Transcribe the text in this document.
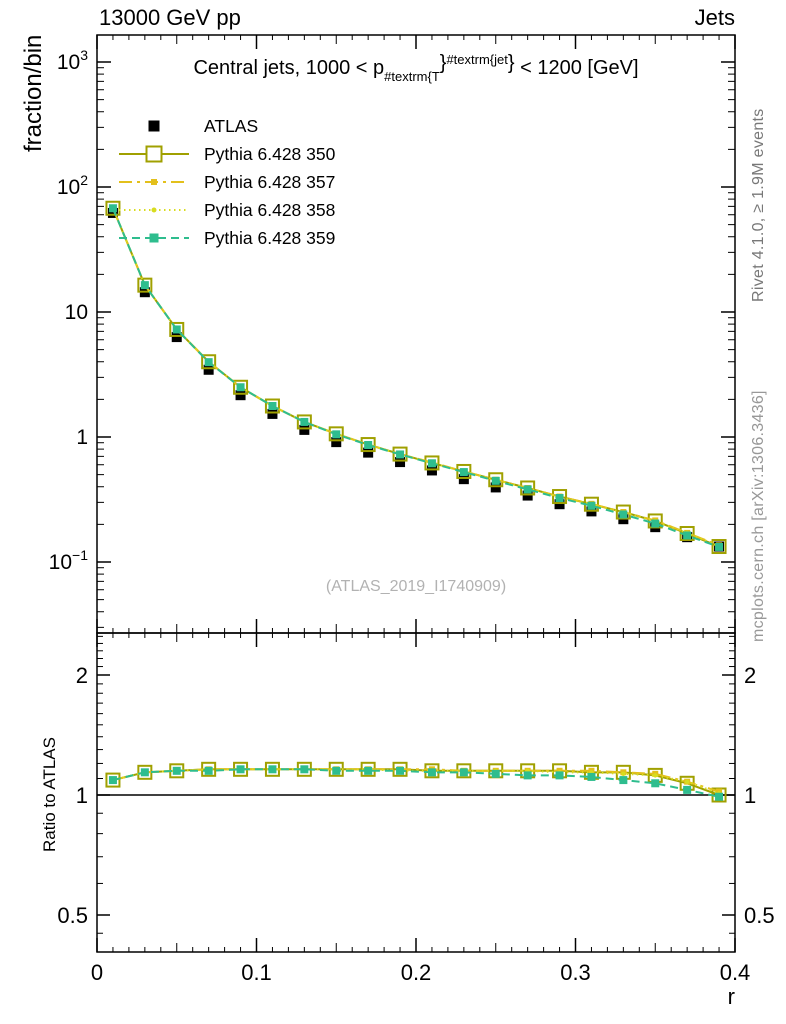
13000 GeV pp	Jets
fraction/bin
Rivet 4.1.0, ≥ 1.9M events
mcplots.cern.ch [arXiv:1306.3436]
$10^{-1}$
1
10
$10^2$
$10^3$
0.5	0.5
1	1
2	2
0	0.1	0.2	0.3	0.4
Central jets, $1000 < p_{\#textrm\{T}\}^{\#textrm\{jet}\} < 1200$ [GeV]
ATLAS
Pythia 6.428 350
Pythia 6.428 357
Pythia 6.428 358
Pythia 6.428 359
(ATLAS_2019_I1740909)
Ratio to ATLAS
r
